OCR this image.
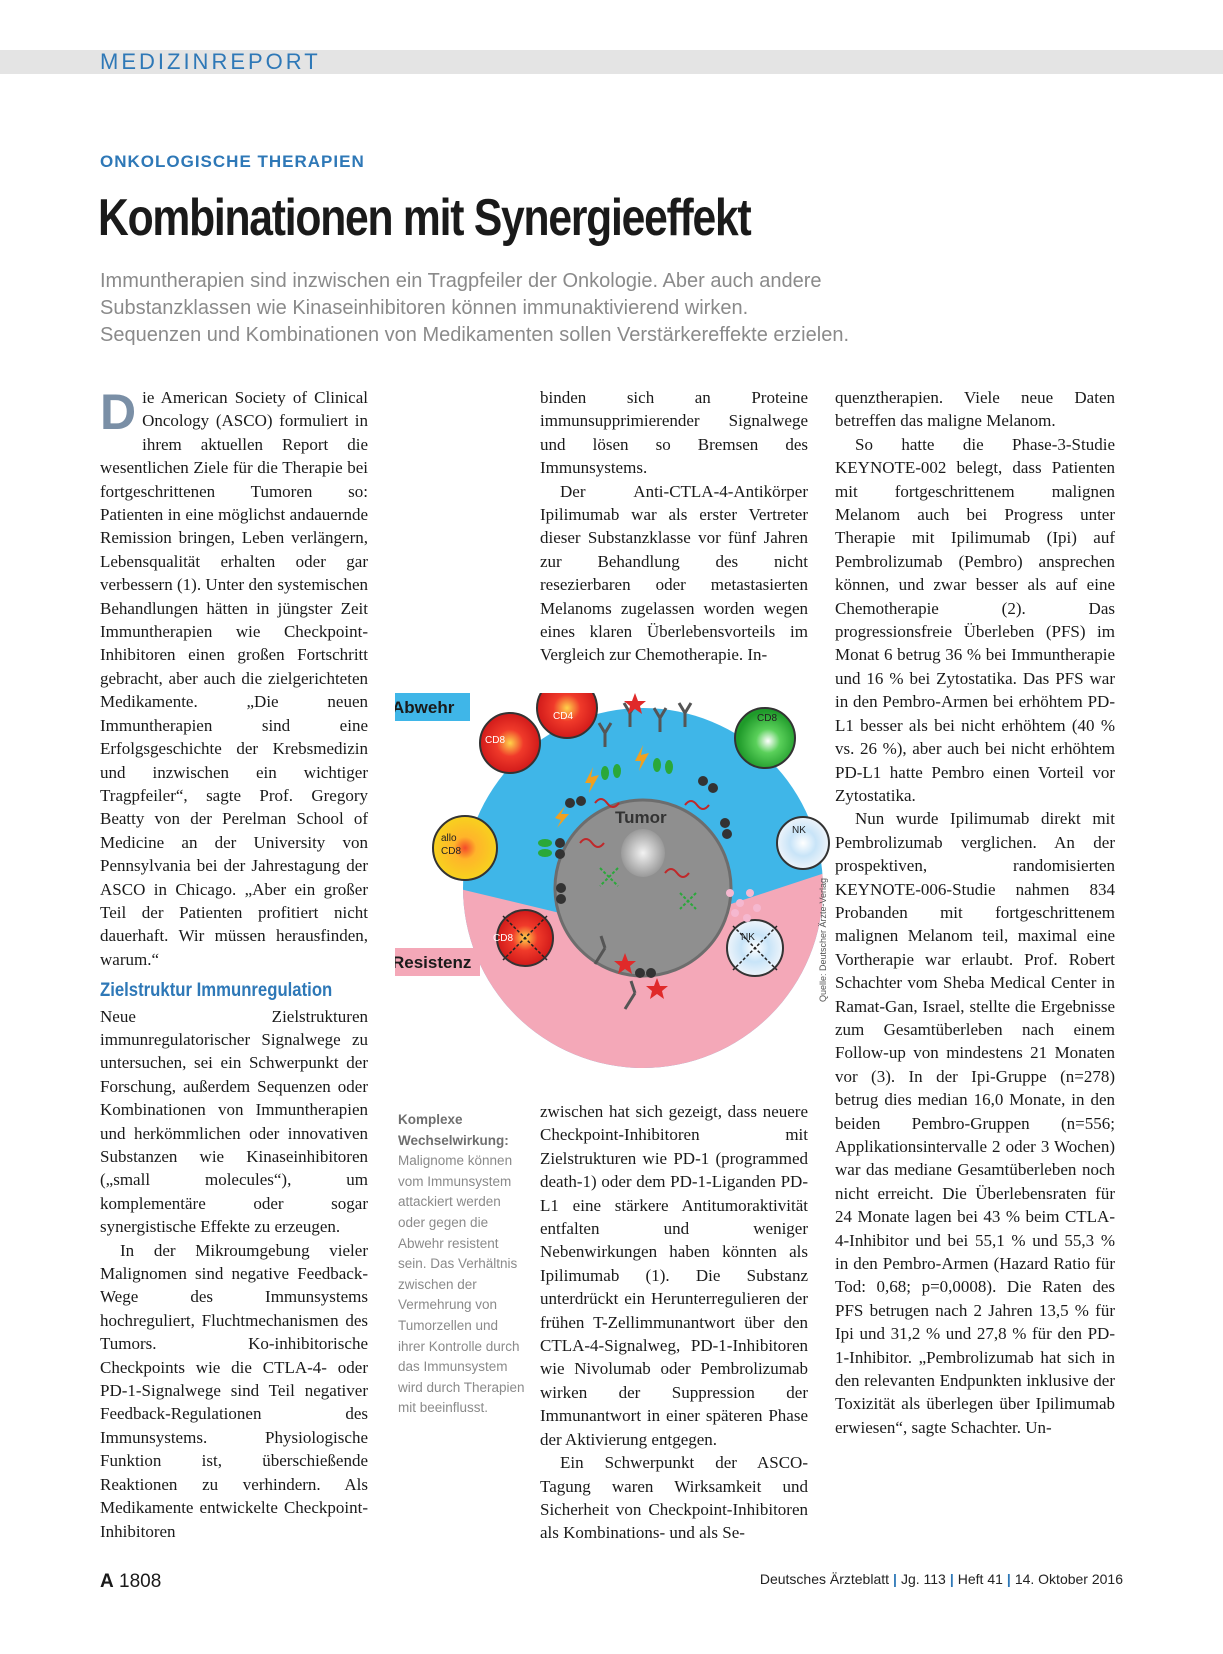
MEDIZINREPORT
ONKOLOGISCHE THERAPIEN
Kombinationen mit Synergieeffekt
Immuntherapien sind inzwischen ein Tragpfeiler der Onkologie. Aber auch andere
Substanzklassen wie Kinaseinhibitoren können immunaktivierend wirken.
Sequenzen und Kombinationen von Medikamenten sollen Verstärkereffekte erzielen.

Die American Society of Clinical Oncology (ASCO) formuliert in ihrem aktuellen Report die wesentlichen Ziele für die Therapie bei fortgeschrittenen Tumoren so: Patienten in eine möglichst andauernde Remission bringen, Leben verlängern, Lebensqualität erhalten oder gar verbessern (1). Unter den systemischen Behandlungen hätten in jüngster Zeit Immuntherapien wie Checkpoint-Inhibitoren einen großen Fortschritt gebracht, aber auch die zielgerichteten Medikamente. „Die neuen Immuntherapien sind eine Erfolgsgeschichte der Krebsmedizin und inzwischen ein wichtiger Tragpfeiler“, sagte Prof. Gregory Beatty von der Perelman School of Medicine an der University von Pennsylvania bei der Jahrestagung der ASCO in Chicago. „Aber ein großer Teil der Patienten profitiert nicht dauerhaft. Wir müssen herausfinden, warum.“

Zielstruktur Immunregulation

Neue Zielstrukturen immunregulatorischer Signalwege zu untersuchen, sei ein Schwerpunkt der Forschung, außerdem Sequenzen oder Kombinationen von Immuntherapien und herkömmlichen oder innovativen Substanzen wie Kinaseinhibitoren („small molecules“), um komplementäre oder sogar synergistische Effekte zu erzeugen.

In der Mikroumgebung vieler Malignomen sind negative Feedback-Wege des Immunsystems hochreguliert, Fluchtmechanismen des Tumors. Ko-inhibitorische Checkpoints wie die CTLA-4- oder PD-1-Signalwege sind Teil negativer Feedback-Regulationen des Immunsystems. Physiologische Funktion ist, überschießende Reaktionen zu verhindern. Als Medikamente entwickelte Checkpoint-Inhibitoren

binden sich an Proteine immunsupprimierender Signalwege und lösen so Bremsen des Immunsystems.

Der Anti-CTLA-4-Antikörper Ipilimumab war als erster Vertreter dieser Substanzklasse vor fünf Jahren zur Behandlung des nicht resezierbaren oder metastasierten Melanoms zugelassen worden wegen eines klaren Überlebensvorteils im Vergleich zur Chemotherapie. In-

Tumor
CD4
CD8
CD8
allo
CD8
NK
CD8	NK
Abwehr
Resistenz	Quelle: Deutscher Ärzte-Verlag
Komplexe Wechselwirkung:
Malignome können vom Immunsystem attackiert werden oder gegen die Abwehr resistent sein. Das Verhältnis zwischen der Vermehrung von Tumorzellen und ihrer Kontrolle durch das Immunsystem wird durch Therapien mit beeinflusst.

zwischen hat sich gezeigt, dass neuere Checkpoint-Inhibitoren mit Zielstrukturen wie PD-1 (programmed death-1) oder dem PD-1-Liganden PD-L1 eine stärkere Antitumoraktivität entfalten und weniger Nebenwirkungen haben könnten als Ipilimumab (1). Die Substanz unterdrückt ein Herunterregulieren der frühen T-Zellimmunantwort über den CTLA-4-Signalweg, PD-1-Inhibitoren wie Nivolumab oder Pembrolizumab wirken der Suppression der Immunantwort in einer späteren Phase der Aktivierung entgegen.

Ein Schwerpunkt der ASCO-Tagung waren Wirksamkeit und Sicherheit von Checkpoint-Inhibitoren als Kombinations- und als Se-

quenztherapien. Viele neue Daten betreffen das maligne Melanom.

So hatte die Phase-3-Studie KEYNOTE-002 belegt, dass Patienten mit fortgeschrittenem malignen Melanom auch bei Progress unter Therapie mit Ipilimumab (Ipi) auf Pembrolizumab (Pembro) ansprechen können, und zwar besser als auf eine Chemotherapie (2). Das progressionsfreie Überleben (PFS) im Monat 6 betrug 36 % bei Immuntherapie und 16 % bei Zytostatika. Das PFS war in den Pembro-Armen bei erhöhtem PD-L1 besser als bei nicht erhöhtem (40 % vs. 26 %), aber auch bei nicht erhöhtem PD-L1 hatte Pembro einen Vorteil vor Zytostatika.

Nun wurde Ipilimumab direkt mit Pembrolizumab verglichen. An der prospektiven, randomisierten KEYNOTE-006-Studie nahmen 834 Probanden mit fortgeschrittenem malignen Melanom teil, maximal eine Vortherapie war erlaubt. Prof. Robert Schachter vom Sheba Medical Center in Ramat-Gan, Israel, stellte die Ergebnisse zum Gesamtüberleben nach einem Follow-up von mindestens 21 Monaten vor (3). In der Ipi-Gruppe (n=278) betrug dies median 16,0 Monate, in den beiden Pembro-Gruppen (n=556; Applikationsintervalle 2 oder 3 Wochen) war das mediane Gesamtüberleben noch nicht erreicht. Die Überlebensraten für 24 Monate lagen bei 43 % beim CTLA-4-Inhibitor und bei 55,1 % und 55,3 % in den Pembro-Armen (Hazard Ratio für Tod: 0,68; p=0,0008). Die Raten des PFS betrugen nach 2 Jahren 13,5 % für Ipi und 31,2 % und 27,8 % für den PD-1-Inhibitor. „Pembrolizumab hat sich in den relevanten Endpunkten inklusive der Toxizität als überlegen über Ipilimumab erwiesen“, sagte Schachter. Un-

A 1808	Deutsches Ärzteblatt | Jg. 113 | Heft 41 | 14. Oktober 2016
